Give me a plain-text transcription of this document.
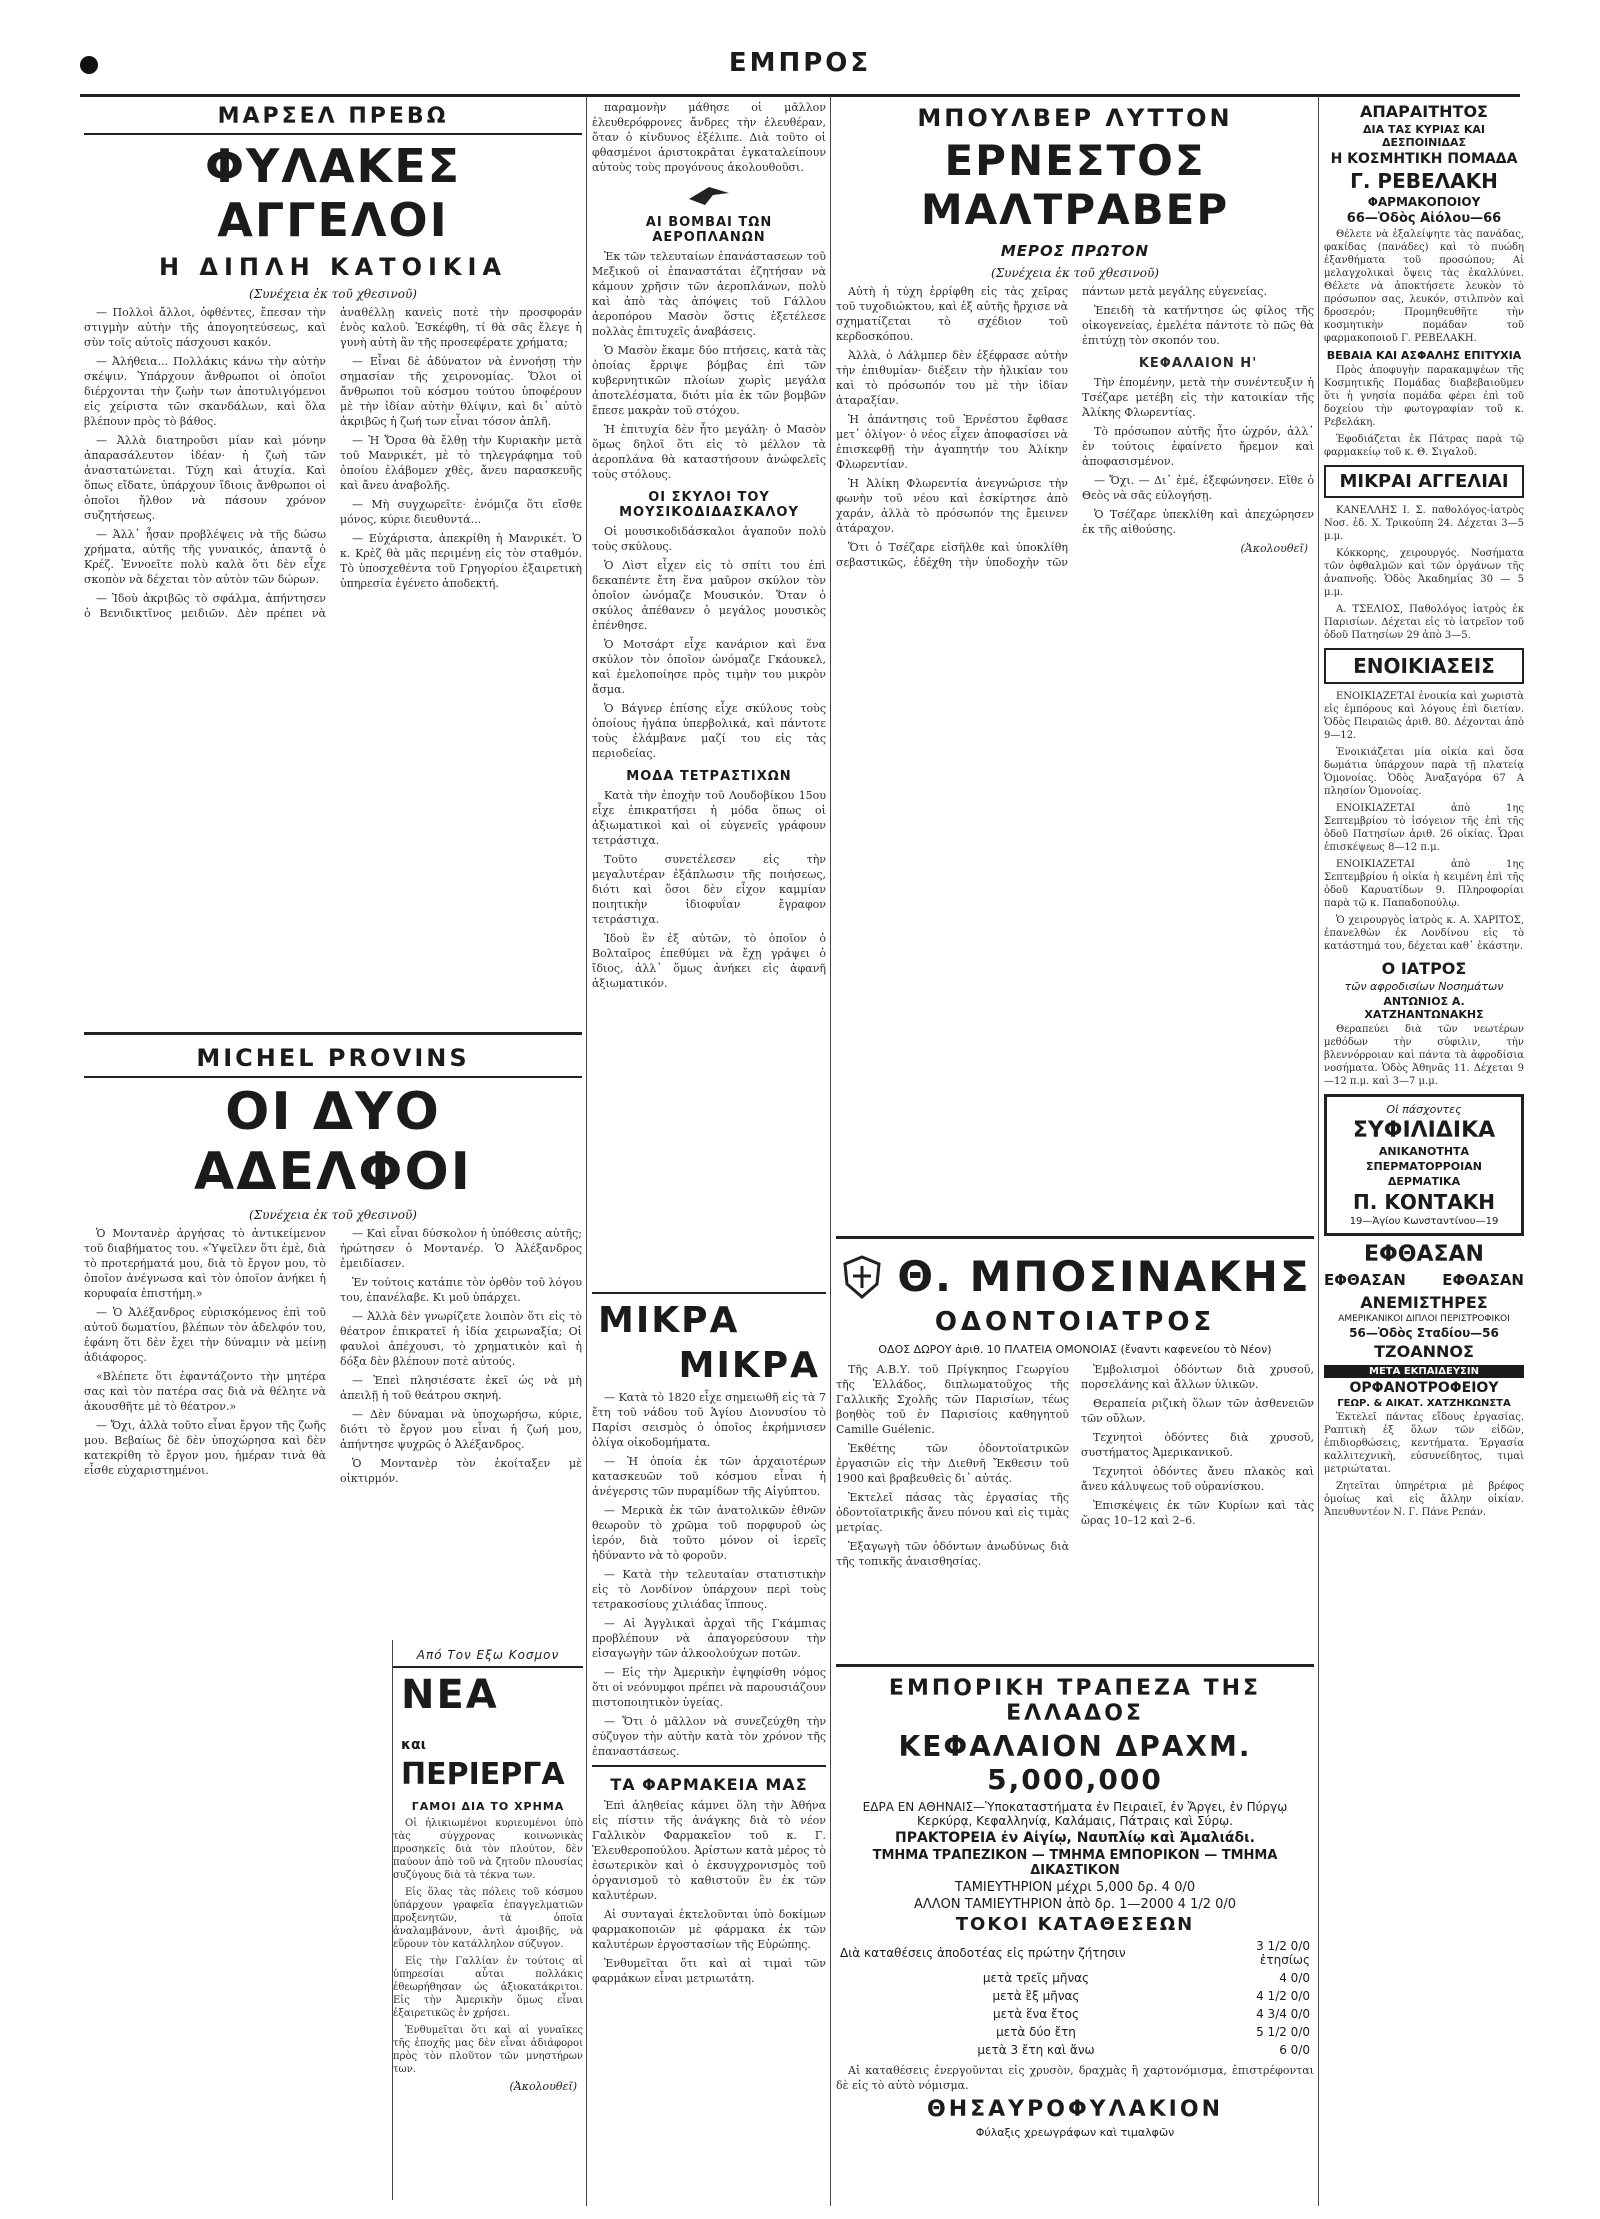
ΕΜΠΡΟΣ
ΜΑΡΣΕΛ ΠΡΕΒΩ
ΦΥΛΑΚΕΣ ΑΓΓΕΛΟΙ
Η ΔΙΠΛΗ ΚΑΤΟΙΚΙΑ
(Συνέχεια ἐκ τοῦ χθεσινοῦ)

— Πολλοὶ ἄλλοι, ὀφθέντες, ἔπεσαν τὴν στιγμὴν αὐτὴν τῆς ἀπογοητεύσεως, καὶ σὺν τοῖς αὐτοῖς πάσχουσι κακόν.

— Ἀλήθεια... Πολλάκις κάνω τὴν αὐτὴν σκέψιν. Ὑπάρχουν ἄνθρωποι οἱ ὁποῖοι διέρχονται τὴν ζωὴν των ἀποτυλιγόμενοι εἰς χείριστα τῶν σκανδάλων, καὶ ὅλα βλέπουν πρὸς τὸ βάθος.

— Ἀλλὰ διατηροῦσι μίαν καὶ μόνην ἀπαρασάλευτον ἰδέαν· ἡ ζωὴ τῶν ἀναστατώνεται. Τύχη καὶ ἀτυχία. Καὶ ὅπως εἴδατε, ὑπάρχουν ἴδιοις ἄνθρωποι οἱ ὁποῖοι ἤλθον νὰ πάσουν χρόνον συζητήσεως.

— Ἀλλ᾽ ἦσαν προβλέψεις νὰ τῆς δώσω χρήματα, αὐτῆς τῆς γυναικός, ἀπαντᾷ ὁ Κρέζ. Ἐννοεῖτε πολὺ καλὰ ὅτι δὲν εἶχε σκοπὸν νὰ δέχεται τὸν αὐτὸν τῶν δώρων.

— Ἰδοὺ ἀκριβῶς τὸ σφάλμα, ἀπήντησεν ὁ Βενιδικτῖνος μειδιῶν. Δὲν πρέπει νὰ ἀναθέλλῃ κανεὶς ποτὲ τὴν προσφοράν ἑνὸς καλοῦ. Ἐσκέφθη, τί θὰ σᾶς ἔλεγε ἡ γυνὴ αὐτὴ ἂν τῆς προσεφέρατε χρήματα;

— Εἶναι δὲ ἀδύνατον νὰ ἐννοήσῃ τὴν σημασίαν τῆς χειρονομίας. Ὅλοι οἱ ἄνθρωποι τοῦ κόσμου τούτου ὑποφέρουν μὲ τὴν ἰδίαν αὐτὴν θλίψιν, καὶ δι᾽ αὐτὸ ἀκριβῶς ἡ ζωή των εἶναι τόσον ἀπλῆ.

— Ἡ Ὄρσα θὰ ἔλθῃ τὴν Κυριακὴν μετὰ τοῦ Μανρικέτ, μὲ τὸ τηλεγράφημα τοῦ ὁποίου ἐλάβομεν χθὲς, ἄνευ παρασκευῆς καὶ ἄνευ ἀναβολῆς.

— Μὴ συγχωρεῖτε· ἐνόμιζα ὅτι εἴσθε μόνος, κύριε διευθυντά...

— Εὐχάριστα, ἀπεκρίθη ἡ Μανρικέτ. Ὁ κ. Κρὲζ θὰ μᾶς περιμένῃ εἰς τὸν σταθμόν. Τὸ ὑποσχεθέντα τοῦ Γρηγορίου ἐξαιρετικὴ ὑπηρεσία ἐγένετο ἀποδεκτή.

MICHEL PROVINS
ΟΙ ΔΥΟ ΑΔΕΛΦΟΙ
(Συνέχεια ἐκ τοῦ χθεσινοῦ)

Ὁ Μοντανὲρ ἀργήσας τὸ ἀντικείμενον τοῦ διαβήματος του. «Ὑψεῖλεν ὅτι ἐμὲ, διὰ τὸ προτερήματά μου, διὰ τὸ ἔργον μου, τὸ ὁποῖον ἀνέγνωσα καὶ τὸν ὁποῖον ἀνήκει ἡ κορυφαία ἐπιστήμη.»

— Ὁ Ἀλέξανδρος εὑρισκόμενος ἐπὶ τοῦ αὐτοῦ δωματίου, βλέπων τὸν ἀδελφόν του, ἐφάνη ὅτι δὲν ἔχει τὴν δύναμιν νὰ μείνῃ ἀδιάφορος.

«Βλέπετε ὅτι ἐφαντάζοντο τὴν μητέρα σας καὶ τὸν πατέρα σας διὰ νὰ θέλητε νὰ ἀκουσθῆτε μὲ τὸ θέατρον.»

— Ὄχι, ἀλλὰ τοῦτο εἶναι ἔργον τῆς ζωῆς μου. Βεβαίως δὲ δὲν ὑποχώρησα καὶ δὲν κατεκρίθη τὸ ἔργον μου, ἡμέραν τινὰ θὰ εἶσθε εὐχαριστημένοι.

— Καὶ εἶναι δύσκολον ἡ ὑπόθεσις αὐτῆς; ἠρώτησεν ὁ Μοντανέρ. Ὁ Ἀλέξανδρος ἐμειδίασεν.

Ἐν τούτοις κατάπιε τὸν ὀρθὸν τοῦ λόγου του, ἐπανέλαβε. Κι μοῦ ὑπάρχει.

— Ἀλλὰ δὲν γνωρίζετε λοιπὸν ὅτι εἰς τὸ θέατρον ἐπικρατεῖ ἡ ἰδία χειρωναξία; Οἱ φαυλοὶ ἀπέχουσι, τὸ χρηματικὸν καὶ ἡ δόξα δὲν βλέπουν ποτὲ αὐτούς.

— Ἐπεὶ πλησιέσατε ἐκεῖ ὡς νὰ μὴ ἀπειλῇ ἡ τοῦ θεάτρου σκηνή.

— Δὲν δύναμαι νὰ ὑποχωρήσω, κύριε, διότι τὸ ἔργον μου εἶναι ἡ ζωή μου, ἀπήντησε ψυχρῶς ὁ Ἀλέξανδρος.

Ὁ Μοντανὲρ τὸν ἐκοίταξεν μὲ οἰκτιρμόν.

παραμονὴν μάθησε οἱ μᾶλλον ἐλευθερόφρονες ἄνδρες τὴν ἐλευθέραν, ὅταν ὁ κίνδυνος ἐξέλιπε. Διὰ τοῦτο οἱ φθασμένοι ἀριστοκρᾶται ἐγκαταλείπουν αὐτοὺς τοὺς προγόνους ἀκολουθοῦσι.

ΑΙ ΒΟΜΒΑΙ ΤΩΝ ΑΕΡΟΠΛΑΝΩΝ

Ἐκ τῶν τελευταίων ἐπανάστασεων τοῦ Μεξικοῦ οἱ ἐπαναστάται ἐζητήσαν νὰ κάμουν χρῆσιν τῶν ἀεροπλάνων, πολὺ καὶ ἀπὸ τὰς ἀπόψεις τοῦ Γάλλου ἀεροπόρου Μασὸν ὅστις ἐξετέλεσε πολλὰς ἐπιτυχεῖς ἀναβάσεις.

Ὁ Μασὸν ἔκαμε δύο πτήσεις, κατὰ τὰς ὁποίας ἔρριψε βόμβας ἐπὶ τῶν κυβερνητικῶν πλοίων χωρὶς μεγάλα ἀποτελέσματα, διότι μία ἐκ τῶν βομβῶν ἔπεσε μακρὰν τοῦ στόχου.

Ἡ ἐπιτυχία δὲν ἦτο μεγάλη· ὁ Μασὸν ὅμως δηλοῖ ὅτι εἰς τὸ μέλλον τὰ ἀεροπλάνα θὰ καταστήσουν ἀνώφελεῖς τοὺς στόλους.

ΟΙ ΣΚΥΛΟΙ ΤΟΥ ΜΟΥΣΙΚΟΔΙΔΑΣΚΑΛΟΥ

Οἱ μουσικοδιδάσκαλοι ἀγαποῦν πολὺ τοὺς σκύλους.

Ὁ Λὶστ εἶχεν εἰς τὸ σπίτι του ἐπὶ δεκαπέντε ἔτη ἕνα μαῦρον σκύλον τὸν ὁποῖον ὠνόμαζε Μουσικόν. Ὅταν ὁ σκύλος ἀπέθανεν ὁ μεγάλος μουσικὸς ἐπένθησε.

Ὁ Μοτσάρτ εἶχε κανάριον καὶ ἕνα σκύλον τὸν ὁποῖον ὠνόμαζε Γκάουκελ, καὶ ἐμελοποίησε πρὸς τιμὴν του μικρὸν ἄσμα.

Ὁ Βάγνερ ἐπίσης εἶχε σκύλους τοὺς ὁποίους ἠγάπα ὑπερβολικά, καὶ πάντοτε τοὺς ἐλάμβανε μαζί του εἰς τὰς περιοδείας.

ΜΟΔΑ ΤΕΤΡΑΣΤΙΧΩΝ

Κατὰ τὴν ἐποχὴν τοῦ Λουδοβίκου 15ου εἶχε ἐπικρατήσει ἡ μόδα ὅπως οἱ ἀξιωματικοὶ καὶ οἱ εὐγενεῖς γράφουν τετράστιχα.

Τοῦτο συνετέλεσεν εἰς τὴν μεγαλυτέραν ἐξάπλωσιν τῆς ποιήσεως, διότι καὶ ὅσοι δὲν εἶχον καμμίαν ποιητικὴν ἰδιοφυΐαν ἔγραφον τετράστιχα.

Ἰδοὺ ἓν ἐξ αὐτῶν, τὸ ὁποῖον ὁ Βολταῖρος ἐπεθύμει νὰ ἔχῃ γράψει ὁ ἴδιος, ἀλλ᾽ ὅμως ἀνήκει εἰς ἀφανῆ ἀξιωματικόν.

ΜΙΚΡΑ
ΜΙΚΡΑ

— Κατὰ τὸ 1820 εἶχε σημειωθῆ εἰς τὰ 7 ἔτη τοῦ νάδου τοῦ Ἁγίου Διονυσίου τὸ Παρίσι σεισμὸς ὁ ὁποῖος ἐκρήμνισεν ὀλίγα οἰκοδομήματα.

— Ἡ ὁποία ἐκ τῶν ἀρχαιοτέρων κατασκευῶν τοῦ κόσμου εἶναι ἡ ἀνέγερσις τῶν πυραμίδων τῆς Αἰγύπτου.

— Μερικὰ ἐκ τῶν ἀνατολικῶν ἐθνῶν θεωροῦν τὸ χρῶμα τοῦ πορφυροῦ ὡς ἱερόν, διὰ τοῦτο μόνον οἱ ἱερεῖς ἠδύναντο νὰ τὸ φοροῦν.

— Κατὰ τὴν τελευταίαν στατιστικὴν εἰς τὸ Λονδίνον ὑπάρχουν περὶ τοὺς τετρακοσίους χιλιάδας ἵππους.

— Αἱ Ἀγγλικαὶ ἀρχαὶ τῆς Γκάμπιας προβλέπουν νὰ ἀπαγορεύσουν τὴν εἰσαγωγὴν τῶν ἀλκοολούχων ποτῶν.

— Εἰς τὴν Ἀμερικὴν ἐψηφίσθη νόμος ὅτι οἱ νεόνυμφοι πρέπει νὰ παρουσιάζουν πιστοποιητικὸν ὑγείας.

— Ὅτι ὁ μᾶλλον νὰ συνεζεύχθη τὴν σύζυγον τὴν αὐτὴν κατὰ τὸν χρόνον τῆς ἐπαναστάσεως.

ΤΑ ΦΑΡΜΑΚΕΙΑ ΜΑΣ

Ἐπὶ ἀληθείας κάμνει ὅλη τὴν Ἀθήνα εἰς πίστιν τῆς ἀνάγκης διὰ τὸ νέον Γαλλικὸν Φαρμακεῖον τοῦ κ. Γ. Ἐλευθεροπούλου. Ἀρίστων κατὰ μέρος τὸ ἐσωτερικὸν καὶ ὁ ἐκσυγχρονισμὸς τοῦ ὀργανισμοῦ τὸ καθιστοῦν ἓν ἐκ τῶν καλυτέρων.

Αἱ συνταγαὶ ἐκτελοῦνται ὑπὸ δοκίμων φαρμακοποιῶν μὲ φάρμακα ἐκ τῶν καλυτέρων ἐργοστασίων τῆς Εὐρώπης.

Ἐνθυμεῖται ὅτι καὶ αἱ τιμαὶ τῶν φαρμάκων εἶναι μετριωτάτη.

Από Τον Εξω Κοσμον
ΝΕΑ
και ΠΕΡΙΕΡΓΑ
ΓΑΜΟΙ ΔΙΑ ΤΟ ΧΡΗΜΑ

Οἱ ἠλικιωμένοι κυριευμένοι ὑπὸ τὰς σύγχρονας κοινωνικὰς προσηκεῖς διὰ τὸν πλούτον, δὲν παύουν ἀπὸ τοῦ νὰ ζητοῦν πλουσίας συζύγους διὰ τὰ τέκνα των.

Εἰς ὅλας τὰς πόλεις τοῦ κόσμου ὑπάρχουν γραφεῖα ἐπαγγελματιῶν προξενητῶν, τὰ ὁποῖα ἀναλαμβάνουν, ἀντὶ ἀμοιβῆς, νὰ εὕρουν τὸν κατάλληλον σύζυγον.

Εἰς τὴν Γαλλίαν ἐν τούτοις αἱ ὑπηρεσίαι αὗται πολλάκις ἐθεωρήθησαν ὡς ἀξιοκατάκριτοι. Εἰς τὴν Ἀμερικὴν ὅμως εἶναι ἐξαιρετικῶς ἐν χρήσει.

Ἐνθυμεῖται ὅτι καὶ αἱ γυναῖκες τῆς ἐποχῆς μας δὲν εἶναι ἀδιάφοροι πρὸς τὸν πλοῦτον τῶν μνηστήρων των.

(Ἀκολουθεῖ)
ΜΠΟΥΛΒΕΡ ΛΥΤΤΟΝ
ΕΡΝΕΣΤΟΣ ΜΑΛΤΡΑΒΕΡ
ΜΕΡΟΣ ΠΡΩΤΟΝ
(Συνέχεια ἐκ τοῦ χθεσινοῦ)

Αὐτὴ ἡ τύχη ἐρρίφθη εἰς τὰς χεῖρας τοῦ τυχοδιώκτου, καὶ ἐξ αὐτῆς ἤρχισε νὰ σχηματίζεται τὸ σχέδιον τοῦ κερδοσκόπου.

Ἀλλὰ, ὁ Λάλμπερ δὲν ἐξέφρασε αὐτὴν τὴν ἐπιθυμίαν· διέξειν τὴν ἡλικίαν του καὶ τὸ πρόσωπόν του μὲ τὴν ἰδίαν ἀταραξίαν.

Ἡ ἀπάντησις τοῦ Ἐρνέστου ἔφθασε μετ᾽ ὀλίγον· ὁ νέος εἶχεν ἀποφασίσει νὰ ἐπισκεφθῇ τὴν ἀγαπητήν του Ἀλίκην Φλωρεντίαν.

Ἡ Ἀλίκη Φλωρεντία ἀνεγνώρισε τὴν φωνὴν τοῦ νέου καὶ ἐσκίρτησε ἀπὸ χαράν, ἀλλὰ τὸ πρόσωπόν της ἔμεινεν ἀτάραχον.

Ὅτι ὁ Τσέζαρε εἰσῆλθε καὶ ὑποκλίθη σεβαστικῶς, ἐδέχθη τὴν ὑποδοχὴν τῶν πάντων μετὰ μεγάλης εὐγενείας.

Ἐπειδὴ τὰ κατήντησε ὡς φίλος τῆς οἰκογενείας, ἐμελέτα πάντοτε τὸ πῶς θὰ ἐπιτύχῃ τὸν σκοπόν του.

ΚΕΦΑΛΑΙΟΝ Η'

Τὴν ἑπομένην, μετὰ τὴν συνέντευξιν ἡ Τσέζαρε μετέβη εἰς τὴν κατοικίαν τῆς Ἀλίκης Φλωρεντίας.

Τὸ πρόσωπον αὐτῆς ἦτο ὠχρόν, ἀλλ᾽ ἐν τούτοις ἐφαίνετο ἤρεμον καὶ ἀποφασισμένον.

— Ὄχι. — Δι᾽ ἐμέ, ἐξεφώνησεν. Εἴθε ὁ Θεὸς νὰ σᾶς εὐλογήσῃ.

Ὁ Τσέζαρε ὑπεκλίθη καὶ ἀπεχώρησεν ἐκ τῆς αἰθούσης.

(Ἀκολουθεῖ)
Θ. ΜΠΟΣΙΝΑΚΗΣ
ΟΔΟΝΤΟΙΑΤΡΟΣ
ΟΔΟΣ ΔΩΡΟΥ ἀριθ. 10 ΠΛΑΤΕΙΑ ΟΜΟΝΟΙΑΣ (ἔναντι καφενείου τὸ Νέον)

Τῆς Α.Β.Υ. τοῦ Πρίγκηπος Γεωργίου τῆς Ἑλλάδος, διπλωματοῦχος τῆς Γαλλικῆς Σχολῆς τῶν Παρισίων, τέως βοηθὸς τοῦ ἐν Παρισίοις καθηγητοῦ Camille Guélenic.

Ἐκθέτης τῶν ὀδοντοϊατρικῶν ἐργασιῶν εἰς τὴν Διεθνῆ Ἔκθεσιν τοῦ 1900 καὶ βραβευθεὶς δι᾽ αὐτάς.

Ἐκτελεῖ πάσας τὰς ἐργασίας τῆς ὀδοντοϊατρικῆς ἄνευ πόνου καὶ εἰς τιμὰς μετρίας.

Ἐξαγωγὴ τῶν ὀδόντων ἀνωδύνως διὰ τῆς τοπικῆς ἀναισθησίας.

Ἐμβολισμοὶ ὀδόντων διὰ χρυσοῦ, πορσελάνης καὶ ἄλλων ὑλικῶν.

Θεραπεία ριζικὴ ὅλων τῶν ἀσθενειῶν τῶν οὔλων.

Τεχνητοὶ ὀδόντες διὰ χρυσοῦ, συστήματος Ἀμερικανικοῦ.

Τεχνητοὶ ὀδόντες ἄνευ πλακὸς καὶ ἄνευ κάλυψεως τοῦ οὐρανίσκου.

Ἐπισκέψεις ἐκ τῶν Κυρίων καὶ τὰς ὥρας 10–12 καὶ 2–6.

ΕΜΠΟΡΙΚΗ ΤΡΑΠΕΖΑ ΤΗΣ ΕΛΛΑΔΟΣ
ΚΕΦΑΛΑΙΟΝ ΔΡΑΧΜ. 5,000,000
ΕΔΡΑ ΕΝ ΑΘΗΝΑΙΣ—Ὑποκαταστήματα ἐν Πειραιεῖ, ἐν Ἄργει, ἐν Πύργῳ Κερκύρᾳ, Κεφαλληνίᾳ, Καλάμαις, Πάτραις καὶ Σύρῳ.
ΠΡΑΚΤΟΡΕΙΑ ἐν Αἰγίῳ, Ναυπλίῳ καὶ Ἀμαλιάδι.
ΤΜΗΜΑ ΤΡΑΠΕΖΙΚΟΝ — ΤΜΗΜΑ ΕΜΠΟΡΙΚΟΝ — ΤΜΗΜΑ ΔΙΚΑΣΤΙΚΟΝ
ΤΑΜΙΕΥΤΗΡΙΟΝ μέχρι 5,000 δρ. 4 0/0
ΑΛΛΟΝ ΤΑΜΙΕΥΤΗΡΙΟΝ ἀπὸ δρ. 1—2000 4 1/2 0/0
ΤΟΚΟΙ ΚΑΤΑΘΕΣΕΩΝ
Διὰ καταθέσεις ἀποδοτέας εἰς πρώτην ζήτησιν	3 1/2 0/0 ἐτησίως
μετὰ τρεῖς μῆνας	4 0/0
μετὰ ἓξ μῆνας	4 1/2 0/0
μετὰ ἕνα ἔτος	4 3/4 0/0
μετὰ δύο ἔτη	5 1/2 0/0
μετὰ 3 ἔτη καὶ ἄνω	6 0/0

Αἱ καταθέσεις ἐνεργοῦνται εἰς χρυσὸν, δραχμὰς ἢ χαρτονόμισμα, ἐπιστρέφονται δὲ εἰς τὸ αὐτὸ νόμισμα.

ΘΗΣΑΥΡΟΦΥΛΑΚΙΟΝ
Φύλαξις χρεωγράφων καὶ τιμαλφῶν
ΑΠΑΡΑΙΤΗΤΟΣ
ΔΙΑ ΤΑΣ ΚΥΡΙΑΣ ΚΑΙ ΔΕΣΠΟΙΝΙΔΑΣ
Η ΚΟΣΜΗΤΙΚΗ ΠΟΜΑΔΑ
Γ. ΡΕΒΕΛΑΚΗ
ΦΑΡΜΑΚΟΠΟΙΟΥ
66—Ὁδὸς Αἰόλου—66

Θέλετε νὰ ἐξαλείψητε τὰς πανάδας, φακίδας (πανάδες) καὶ τὸ πυώδη ἐξανθήματα τοῦ προσώπου; Αἱ μελαγχολικαὶ ὄψεις τὰς ἐκαλλύνει. Θέλετε νὰ ἀποκτήσετε λευκὸν τὸ πρόσωπον σας, λευκόν, στιλπνὸν καὶ δροσερόν; Προμηθευθῆτε τὴν κοσμητικὴν πομάδαν τοῦ φαρμακοποιοῦ Γ. ΡΕΒΕΛΑΚΗ.

ΒΕΒΑΙΑ ΚΑΙ ΑΣΦΑΛΗΣ ΕΠΙΤΥΧΙΑ

Πρὸς ἀποφυγὴν παρακαμψέων τῆς Κοσμητικῆς Πομάδας διαβεβαιοῦμεν ὅτι ἡ γνησία πομάδα φέρει ἐπὶ τοῦ δοχείου τὴν φωτογραφίαν τοῦ κ. Ρεβελάκη.

Ἐφοδιάζεται ἐκ Πάτρας παρὰ τῷ φαρμακείῳ τοῦ κ. Θ. Σιγαλοῦ.

ΜΙΚΡΑΙ ΑΓΓΕΛΙΑΙ

ΚΑΝΕΛΛΗΣ Ι. Σ. παθολόγος-ἰατρὸς Νοσ. ἐδ. Χ. Τρικούπη 24. Δέχεται 3—5 μ.μ.

Κόκκορης, χειρουργός. Νοσήματα τῶν ὀφθαλμῶν καὶ τῶν ὀργάνων τῆς ἀναπνοῆς. Ὁδὸς Ἀκαδημίας 30 — 5 μ.μ.

Α. ΤΣΕΛΙΟΣ, Παθολόγος ἰατρὸς ἐκ Παρισίων. Δέχεται εἰς τὸ ἰατρεῖον τοῦ ὁδοῦ Πατησίων 29 ἀπὸ 3—5.

ΕΝΟΙΚΙΑΣΕΙΣ

ΕΝΟΙΚΙΑΖΕΤΑΙ ἐνοικία καὶ χωριστὰ εἰς ἐμπόρους καὶ λόγους ἐπὶ διετίαν. Ὁδὸς Πειραιῶς ἀριθ. 80. Δέχονται ἀπὸ 9—12.

Ἐνοικιάζεται μία οἰκία καὶ ὅσα δωμάτια ὑπάρχουν παρὰ τῇ πλατείᾳ Ὁμονοίας. Ὁδὸς Ἀναξαγόρα 67 Α πλησίον Ὁμονοίας.

ΕΝΟΙΚΙΑΖΕΤΑΙ ἀπὸ 1ης Σεπτεμβρίου τὸ ἰσόγειον τῆς ἐπὶ τῆς ὁδοῦ Πατησίων ἀριθ. 26 οἰκίας. Ὧραι ἐπισκέψεως 8—12 π.μ.

ΕΝΟΙΚΙΑΖΕΤΑΙ ἀπὸ 1ης Σεπτεμβρίου ἡ οἰκία ἡ κειμένη ἐπὶ τῆς ὁδοῦ Καρυατίδων 9. Πληροφορίαι παρὰ τῷ κ. Παπαδοπούλῳ.

Ὁ χειρουργὸς ἰατρὸς κ. Α. ΧΑΡΙΤΟΣ, ἐπανελθὼν ἐκ Λονδίνου εἰς τὸ κατάστημά του, δέχεται καθ᾽ ἑκάστην.

Ο ΙΑΤΡΟΣ
τῶν αφροδισίων Νοσημάτων
ΑΝΤΩΝΙΟΣ Α. ΧΑΤΖΗΑΝΤΩΝΑΚΗΣ

Θεραπεύει διὰ τῶν νεωτέρων μεθόδων τὴν σύφιλιν, τὴν βλεννόρροιαν καὶ πάντα τὰ ἀφροδίσια νοσήματα. Ὁδὸς Ἀθηνᾶς 11. Δέχεται 9—12 π.μ. καὶ 3—7 μ.μ.

Οἱ πάσχοντες
ΣΥΦΙΛΙΔΙΚΑ
ΑΝΙΚΑΝΟΤΗΤΑ
ΣΠΕΡΜΑΤΟΡΡΟΙΑΝ
ΔΕΡΜΑΤΙΚΑ
Π. ΚΟΝΤΑΚΗ
19—Ἁγίου Κωνσταντίνου—19
ΕΦΘΑΣΑΝ
ΕΦΘΑΣΑΝ ΕΦΘΑΣΑΝ
ΑΝΕΜΙΣΤΗΡΕΣ
ΑΜΕΡΙΚΑΝΙΚΟΙ ΔΙΠΛΟΙ ΠΕΡΙΣΤΡΟΦΙΚΟΙ
56—Ὁδὸς Σταδίου—56
ΤΖΟΑΝΝΟΣ
ΜΕΤΑ ΕΚΠΑΙΔΕΥΣΙΝ
ΟΡΦΑΝΟΤΡΟΦΕΙΟΥ
ΓΕΩΡ. & ΑΙΚΑΤ. ΧΑΤΖΗΚΩΝΣΤΑ

Ἐκτελεῖ πάντας εἴδους ἐργασίας. Ραπτικὴ ἐξ ὅλων τῶν εἰδῶν, ἐπιδιορθώσεις, κεντήματα. Ἐργασία καλλιτεχνικὴ, εὐσυνείδητος, τιμαὶ μετριώταται.

Ζητεῖται ὑπηρέτρια μὲ βρέφος ὁμοίως καὶ εἰς ἄλλην οἰκίαν. Ἀπευθυντέον Ν. Γ. Πάνε Ρεπάν.
